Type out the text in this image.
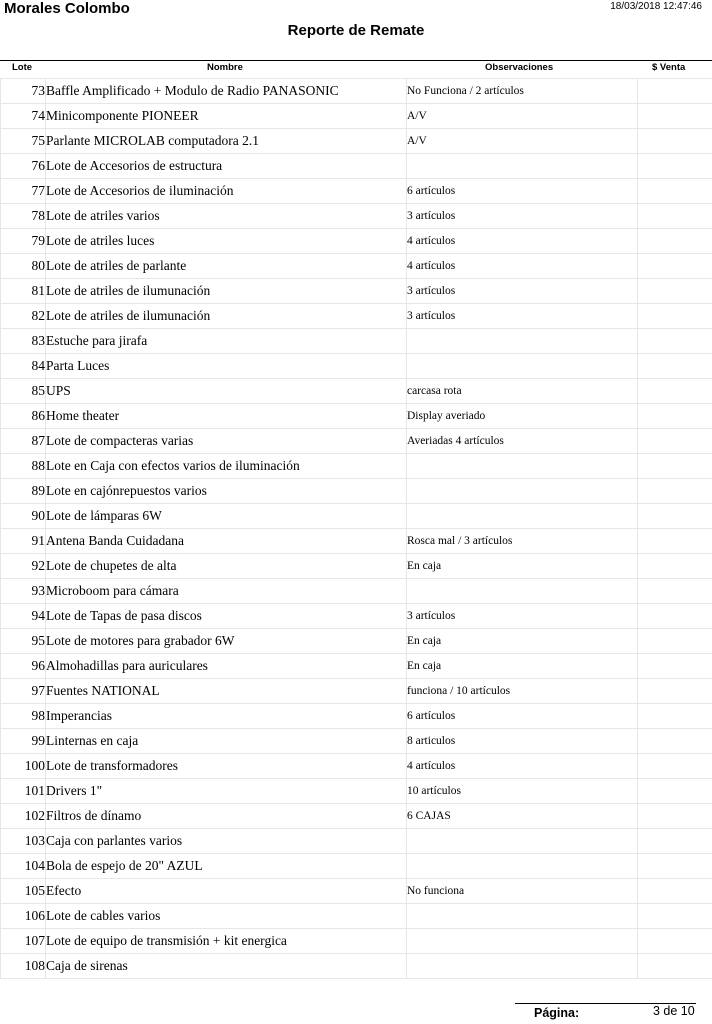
Morales Colombo	18/03/2018 12:47:46
Reporte de Remate
Lote	Nombre	Observaciones	$ Venta
73	Baffle Amplificado + Modulo de Radio PANASONIC	No Funciona / 2 artículos	
74	Minicomponente PIONEER	A/V	
75	Parlante MICROLAB computadora 2.1	A/V	
76	Lote de Accesorios de estructura		
77	Lote de Accesorios de iluminación	6 artículos	
78	Lote de atriles varios	3 artículos	
79	Lote de atriles luces	4 artículos	
80	Lote de atriles de parlante	4 artículos	
81	Lote de atriles de ilumunación	3 artículos	
82	Lote de atriles de ilumunación	3 artículos	
83	Estuche para jirafa		
84	Parta Luces		
85	UPS	carcasa rota	
86	Home theater	Display averiado	
87	Lote de compacteras varias	Averiadas 4 artículos	
88	Lote en Caja con efectos varios de iluminación		
89	Lote en cajónrepuestos varios		
90	Lote de lámparas 6W		
91	Antena Banda Cuidadana	Rosca mal / 3 artículos	
92	Lote de chupetes de alta	En caja	
93	Microboom para cámara		
94	Lote de Tapas de pasa discos	3 artículos	
95	Lote de motores para grabador 6W	En caja	
96	Almohadillas para auriculares	En caja	
97	Fuentes NATIONAL	funciona / 10 artículos	
98	Imperancias	6 artículos	
99	Linternas en caja	8 articulos	
100	Lote de transformadores	4 artículos	
101	Drivers 1"	10 artículos	
102	Filtros de dínamo	6 CAJAS	
103	Caja con parlantes varios		
104	Bola de espejo de 20" AZUL		
105	Efecto	No funciona	
106	Lote de cables varios		
107	Lote de equipo de transmisión + kit energica		
108	Caja de sirenas		
Página:	3 de 10
